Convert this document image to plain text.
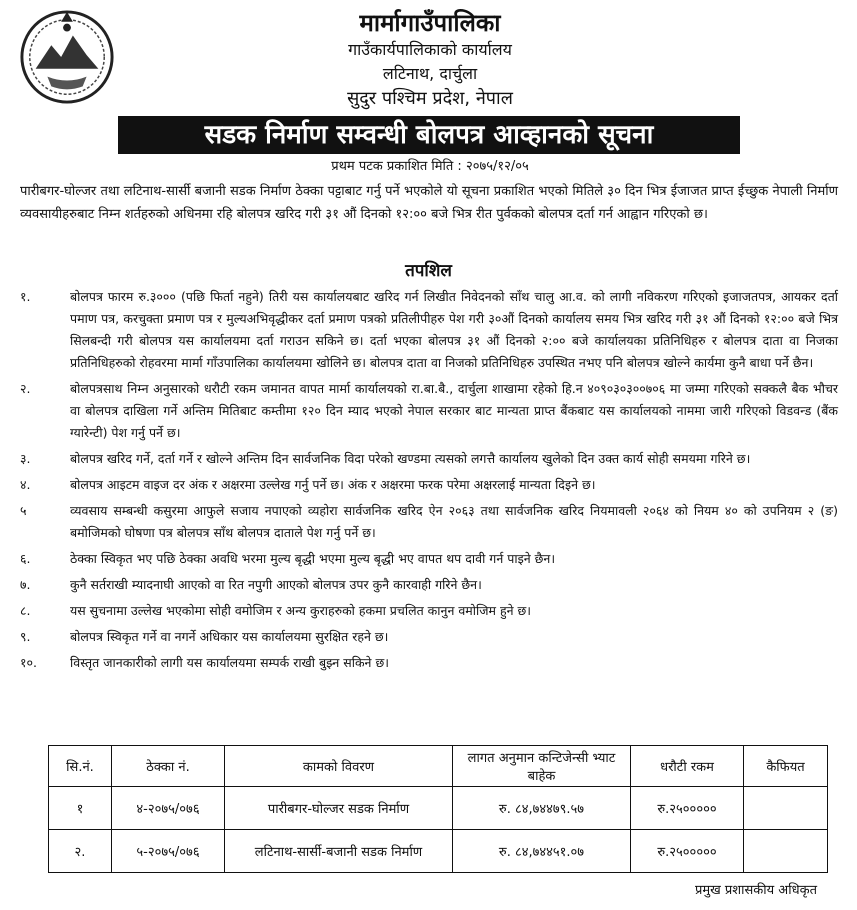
मार्मागाउँपालिका
गाउँकार्यपालिकाको कार्यालय
लटिनाथ, दार्चुला
सुदुर पश्चिम प्रदेश, नेपाल
सडक निर्माण सम्वन्धी बोलपत्र आव्हानको सूचना
प्रथम पटक प्रकाशित मिति : २०७५/१२/०५
पारीबगर-घोल्जर तथा लटिनाथ-सार्सी बजानी सडक निर्माण ठेक्का पट्टाबाट गर्नु पर्ने भएकोले यो सूचना प्रकाशित भएको मितिले ३० दिन भित्र ईजाजत प्राप्त ईच्छुक नेपाली निर्माण व्यवसायीहरुबाट निम्न शर्तहरुको अधिनमा रहि बोलपत्र खरिद गरी ३१ औं दिनको १२:०० बजे भित्र रीत पुर्वकको बोलपत्र दर्ता गर्न आह्वान गरिएको छ।
तपशिल
१.	बोलपत्र फारम रु.३००० (पछि फिर्ता नहुने) तिरी यस कार्यालयबाट खरिद गर्न लिखीत निवेदनको साँथ चालु आ.व. को लागी नविकरण गरिएको इजाजतपत्र, आयकर दर्ता पमाण पत्र, करचुक्ता प्रमाण पत्र र मुल्यअभिवृद्धीकर दर्ता प्रमाण पत्रको प्रतिलीपीहरु पेश गरी ३०औं दिनको कार्यालय समय भित्र खरिद गरी ३१ औं दिनको १२:०० बजे भित्र सिलबन्दी गरी बोलपत्र यस कार्यालयमा दर्ता गराउन सकिने छ। दर्ता भएका बोलपत्र ३१ औं दिनको २:०० बजे कार्यालयका प्रतिनिधिहरु र बोलपत्र दाता वा निजका प्रतिनिधिहरुको रोहवरमा मार्मा गाँउपालिका कार्यालयमा खोलिने छ। बोलपत्र दाता वा निजको प्रतिनिधिहरु उपस्थित नभए पनि बोलपत्र खोल्ने कार्यमा कुनै बाधा पर्ने छैन।
२.	बोलपत्रसाथ निम्न अनुसारको धरौटी रकम जमानत वापत मार्मा कार्यालयको रा.बा.बै., दार्चुला शाखामा रहेको हि.न ४०९०३०३००७०६ मा जम्मा गरिएको सक्कलै बैक भौचर वा बोलपत्र दाखिला गर्ने अन्तिम मितिबाट कम्तीमा १२० दिन म्याद भएको नेपाल सरकार बाट मान्यता प्राप्त बैंकबाट यस कार्यालयको नाममा जारी गरिएको विडवन्ड (बैंक ग्यारेन्टी) पेश गर्नु पर्ने छ।
३.	बोलपत्र खरिद गर्ने, दर्ता गर्ने र खोल्ने अन्तिम दिन सार्वजनिक विदा परेको खण्डमा त्यसको लगत्तै कार्यालय खुलेको दिन उक्त कार्य सोही समयमा गरिने छ।
४.	बोलपत्र आइटम वाइज दर अंक र अक्षरमा उल्लेख गर्नु पर्ने छ। अंक र अक्षरमा फरक परेमा अक्षरलाई मान्यता दिइने छ।
५	व्यवसाय सम्बन्धी कसुरमा आफुले सजाय नपाएको व्यहोरा सार्वजनिक खरिद ऐन २०६३ तथा सार्वजनिक खरिद नियमावली २०६४ को नियम ४० को उपनियम २ (ङ) बमोजिमको घोषणा पत्र बोलपत्र साँथ बोलपत्र दाताले पेश गर्नु पर्ने छ।
६.	ठेक्का स्विकृत भए पछि ठेक्का अवधि भरमा मुल्य बृद्धी भएमा मुल्य बृद्धी भए वापत थप दावी गर्न पाइने छैन।
७.	कुनै सर्तराखी म्यादनाघी आएको वा रित नपुगी आएको बोलपत्र उपर कुनै कारवाही गरिने छैन।
८.	यस सुचनामा उल्लेख भएकोमा सोही वमोजिम र अन्य कुराहरुको हकमा प्रचलित कानुन वमोजिम हुने छ।
९.	बोलपत्र स्विकृत गर्ने वा नगर्ने अधिकार यस कार्यालयमा सुरक्षित रहने छ।
१०.	विस्तृत जानकारीको लागी यस कार्यालयमा सम्पर्क राखी बुझ्न सकिने छ।
सि.नं.	ठेक्का नं.	कामको विवरण	लागत अनुमान कन्टिजेन्सी भ्याट बाहेक	धरौटी रकम	कैफियत
१	४-२०७५/०७६	पारीबगर-घोल्जर सडक निर्माण	रु. ८४,७४४७९.५७	रु.२५०००००	
२.	५-२०७५/०७६	लटिनाथ-सार्सी-बजानी सडक निर्माण	रु. ८४,७४४५१.०७	रु.२५०००००	
प्रमुख प्रशासकीय अधिकृत
